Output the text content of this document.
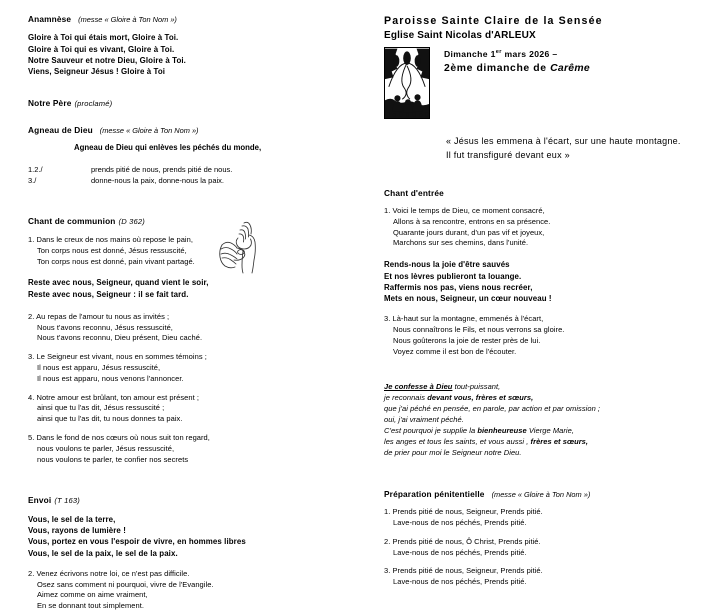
Anamnèse (messe « Gloire à Ton Nom »)
Gloire à Toi qui étais mort, Gloire à Toi.
Gloire à Toi qui es vivant, Gloire à Toi.
Notre Sauveur et notre Dieu, Gloire à Toi.
Viens, Seigneur Jésus ! Gloire à Toi
Notre Père (proclamé)
Agneau de Dieu (messe « Gloire à Ton Nom »)
Agneau de Dieu qui enlèves les péchés du monde,
1.2./	prends pitié de nous, prends pitié de nous.
3./	donne-nous la paix, donne-nous la paix.
Chant de communion (D 362)
1. Dans le creux de nos mains où repose le pain,
Ton corps nous est donné, Jésus ressuscité,
Ton corps nous est donné, pain vivant partagé.
Reste avec nous, Seigneur, quand vient le soir,
Reste avec nous, Seigneur : il se fait tard.
2. Au repas de l'amour tu nous as invités ;
Nous t'avons reconnu, Jésus ressuscité,
Nous t'avons reconnu, Dieu présent, Dieu caché.
3. Le Seigneur est vivant, nous en sommes témoins ;
Il nous est apparu, Jésus ressuscité,
Il nous est apparu, nous venons l'annoncer.
4. Notre amour est brûlant, ton amour est présent ;
ainsi que tu l'as dit, Jésus ressuscité ;
ainsi que tu l'as dit, tu nous donnes ta paix.
5. Dans le fond de nos cœurs où nous suit ton regard,
nous voulons te parler, Jésus ressuscité,
nous voulons te parler, te confier nos secrets
Envoi (T 163)
Vous, le sel de la terre,
Vous, rayons de lumière !
Vous, portez en vous l'espoir de vivre, en hommes libres
Vous, le sel de la paix, le sel de la paix.
2. Venez écrivons notre loi, ce n'est pas difficile.
Osez sans comment ni pourquoi, vivre de l'Evangile.
Aimez comme on aime vraiment,
En se donnant tout simplement.
Paroisse Sainte Claire de la Sensée
Eglise Saint Nicolas d'ARLEUX
Dimanche 1er mars 2026 –
2ème dimanche de Carême
« Jésus les emmena à l'écart, sur une haute montagne.
Il fut transfiguré devant eux »
Chant d'entrée
1. Voici le temps de Dieu, ce moment consacré,
Allons à sa rencontre, entrons en sa présence.
Quarante jours durant, d'un pas vif et joyeux,
Marchons sur ses chemins, dans l'unité.
Rends-nous la joie d'être sauvés
Et nos lèvres publieront ta louange.
Raffermis nos pas, viens nous recréer,
Mets en nous, Seigneur, un cœur nouveau !
3. Là-haut sur la montagne, emmenés à l'écart,
Nous connaîtrons le Fils, et nous verrons sa gloire.
Nous goûterons la joie de rester près de lui.
Voyez comme il est bon de l'écouter.
Je confesse à Dieu tout-puissant,
je reconnais devant vous, frères et sœurs,
que j'ai péché en pensée, en parole, par action et par omission ;
oui, j'ai vraiment péché.
C'est pourquoi je supplie la bienheureuse Vierge Marie,
les anges et tous les saints, et vous aussi , frères et sœurs,
de prier pour moi le Seigneur notre Dieu.
Préparation pénitentielle (messe « Gloire à Ton Nom »)
1. Prends pitié de nous, Seigneur, Prends pitié.
Lave-nous de nos péchés, Prends pitié.
2. Prends pitié de nous, Ô Christ, Prends pitié.
Lave-nous de nos péchés, Prends pitié.
3. Prends pitié de nous, Seigneur, Prends pitié.
Lave-nous de nos péchés, Prends pitié.
